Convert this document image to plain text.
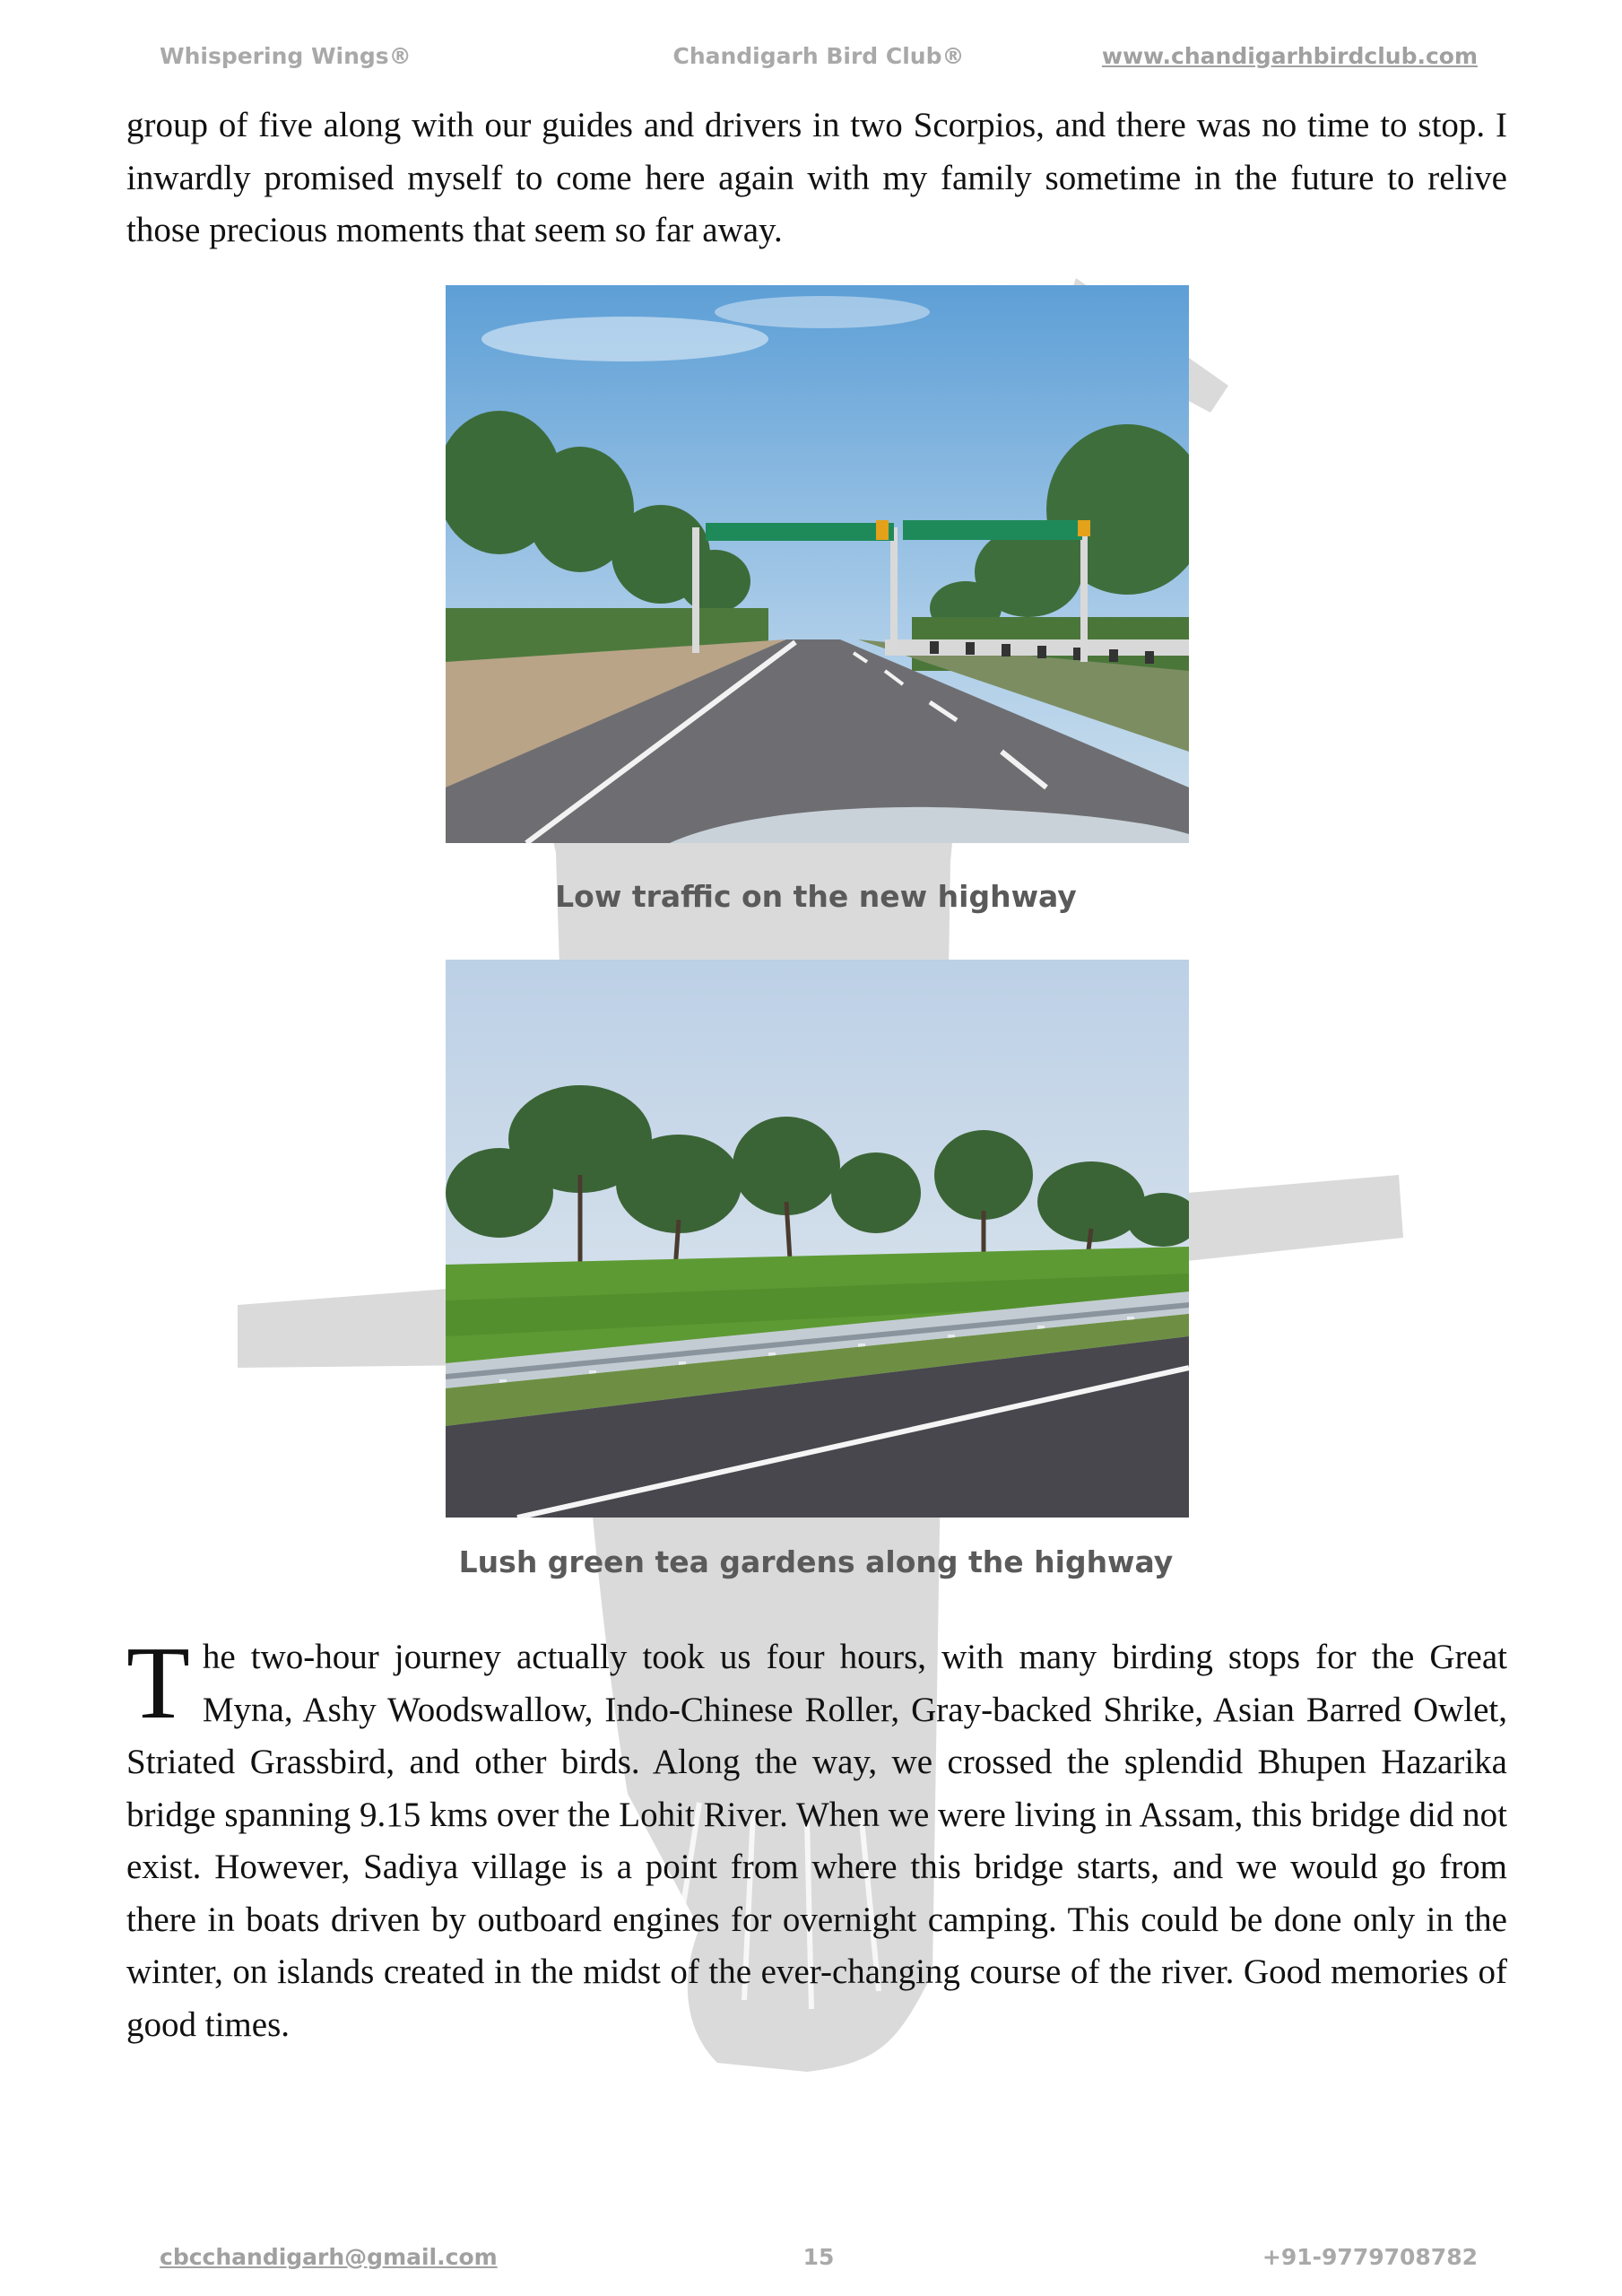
Whispering Wings®	Chandigarh Bird Club®	www.chandigarhbirdclub.com

group of five along with our guides and drivers in two Scorpios, and there was no time to stop. I inwardly promised myself to come here again with my family sometime in the future to relive those precious moments that seem so far away.

Low traffic on the new highway
Lush green tea gardens along the highway

The two-hour journey actually took us four hours, with many birding stops for the Great Myna, Ashy Woodswallow, Indo-Chinese Roller, Gray-backed Shrike, Asian Barred Owlet, Striated Grassbird, and other birds. Along the way, we crossed the splendid Bhupen Hazarika bridge spanning 9.15 kms over the Lohit River. When we were living in Assam, this bridge did not exist. However, Sadiya village is a point from where this bridge starts, and we would go from there in boats driven by outboard engines for overnight camping. This could be done only in the winter, on islands created in the midst of the ever-changing course of the river. Good memories of good times.

cbcchandigarh@gmail.com	15	+91-9779708782
